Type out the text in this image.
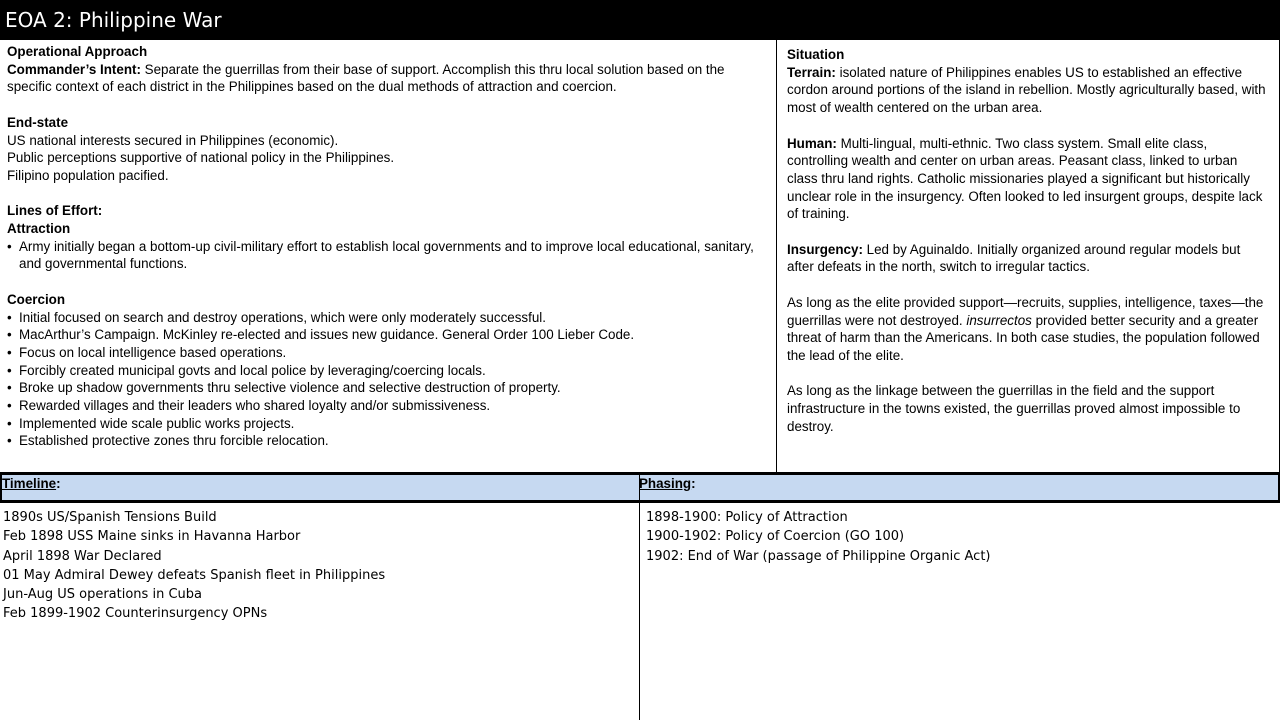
EOA 2: Philippine War

Operational Approach

Commander’s Intent: Separate the guerrillas from their base of support. Accomplish this thru local solution based on the specific context of each district in the Philippines based on the dual methods of attraction and coercion.

End-state

US national interests secured in Philippines (economic).

Public perceptions supportive of national policy in the Philippines.

Filipino population pacified.

Lines of Effort:

Attraction

• Army initially began a bottom-up civil-military effort to establish local governments and to improve local educational, sanitary, and governmental functions.

Coercion

• Initial focused on search and destroy operations, which were only moderately successful.
• MacArthur’s Campaign. McKinley re-elected and issues new guidance. General Order 100 Lieber Code.
• Focus on local intelligence based operations.
• Forcibly created municipal govts and local police by leveraging/coercing locals.
• Broke up shadow governments thru selective violence and selective destruction of property.
• Rewarded villages and their leaders who shared loyalty and/or submissiveness.
• Implemented wide scale public works projects.
• Established protective zones thru forcible relocation.

Situation

Terrain: isolated nature of Philippines enables US to established an effective cordon around portions of the island in rebellion. Mostly agriculturally based, with most of wealth centered on the urban area.

Human: Multi-lingual, multi-ethnic. Two class system. Small elite class, controlling wealth and center on urban areas. Peasant class, linked to urban class thru land rights. Catholic missionaries played a significant but historically unclear role in the insurgency. Often looked to led insurgent groups, despite lack of training.

Insurgency: Led by Aguinaldo. Initially organized around regular models but after defeats in the north, switch to irregular tactics.

As long as the elite provided support—recruits, supplies, intelligence, taxes—the guerrillas were not destroyed. insurrectos provided better security and a greater threat of harm than the Americans. In both case studies, the population followed the lead of the elite.

As long as the linkage between the guerrillas in the field and the support infrastructure in the towns existed, the guerrillas proved almost impossible to destroy.

Timeline:	Phasing:
1890s US/Spanish Tensions Build
Feb 1898 USS Maine sinks in Havanna Harbor
April 1898 War Declared
01 May Admiral Dewey defeats Spanish fleet in Philippines
Jun-Aug US operations in Cuba
Feb 1899-1902 Counterinsurgency OPNs
1898-1900: Policy of Attraction
1900-1902: Policy of Coercion (GO 100)
1902: End of War (passage of Philippine Organic Act)
